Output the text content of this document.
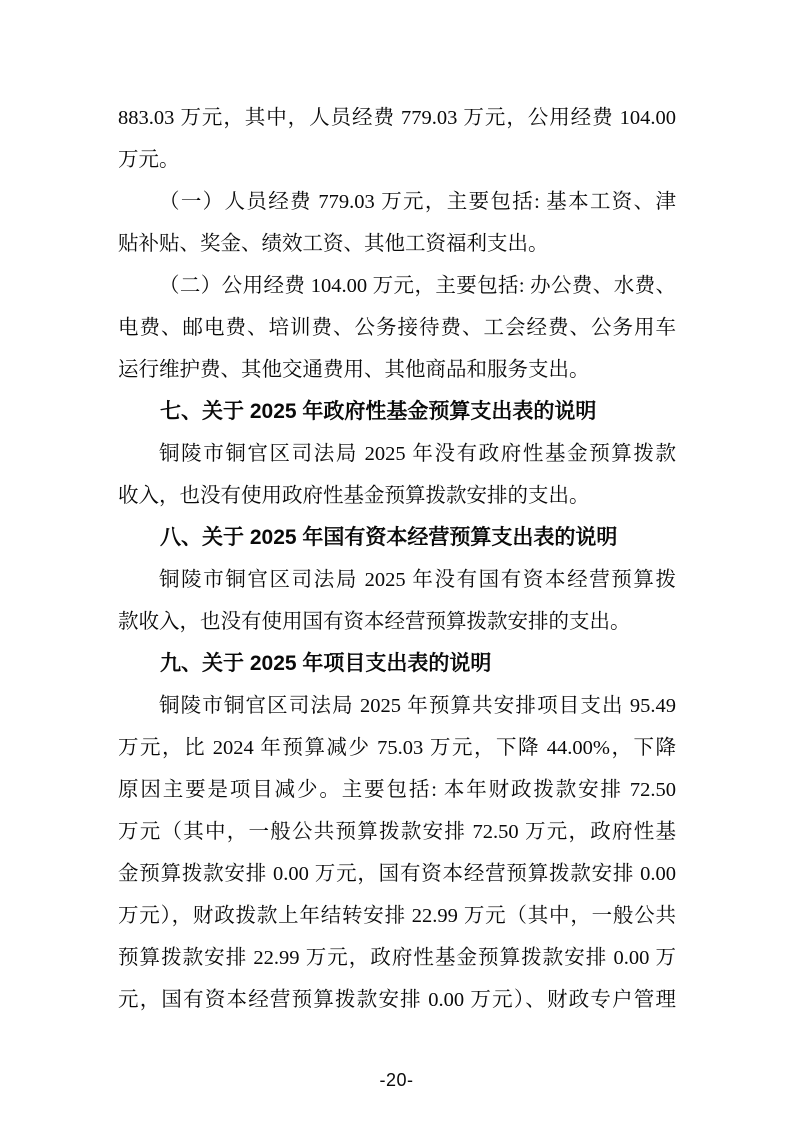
883.03 万元，其中，人员经费 779.03 万元，公用经费 104.00
万元。
（一）人员经费 779.03 万元，主要包括: 基本工资、津
贴补贴、奖金、绩效工资、其他工资福利支出。
（二）公用经费 104.00 万元，主要包括: 办公费、水费、
电费、邮电费、培训费、公务接待费、工会经费、公务用车
运行维护费、其他交通费用、其他商品和服务支出。
七、关于 2025 年政府性基金预算支出表的说明
铜陵市铜官区司法局 2025 年没有政府性基金预算拨款
收入，也没有使用政府性基金预算拨款安排的支出。
八、关于 2025 年国有资本经营预算支出表的说明
铜陵市铜官区司法局 2025 年没有国有资本经营预算拨
款收入，也没有使用国有资本经营预算拨款安排的支出。
九、关于 2025 年项目支出表的说明
铜陵市铜官区司法局 2025 年预算共安排项目支出 95.49
万元，比 2024 年预算减少 75.03 万元，下降 44.00%，下降
原因主要是项目减少。主要包括: 本年财政拨款安排 72.50
万元（其中，一般公共预算拨款安排 72.50 万元，政府性基
金预算拨款安排 0.00 万元，国有资本经营预算拨款安排 0.00
万元），财政拨款上年结转安排 22.99 万元（其中，一般公共
预算拨款安排 22.99 万元，政府性基金预算拨款安排 0.00 万
元，国有资本经营预算拨款安排 0.00 万元）、财政专户管理
-20-
